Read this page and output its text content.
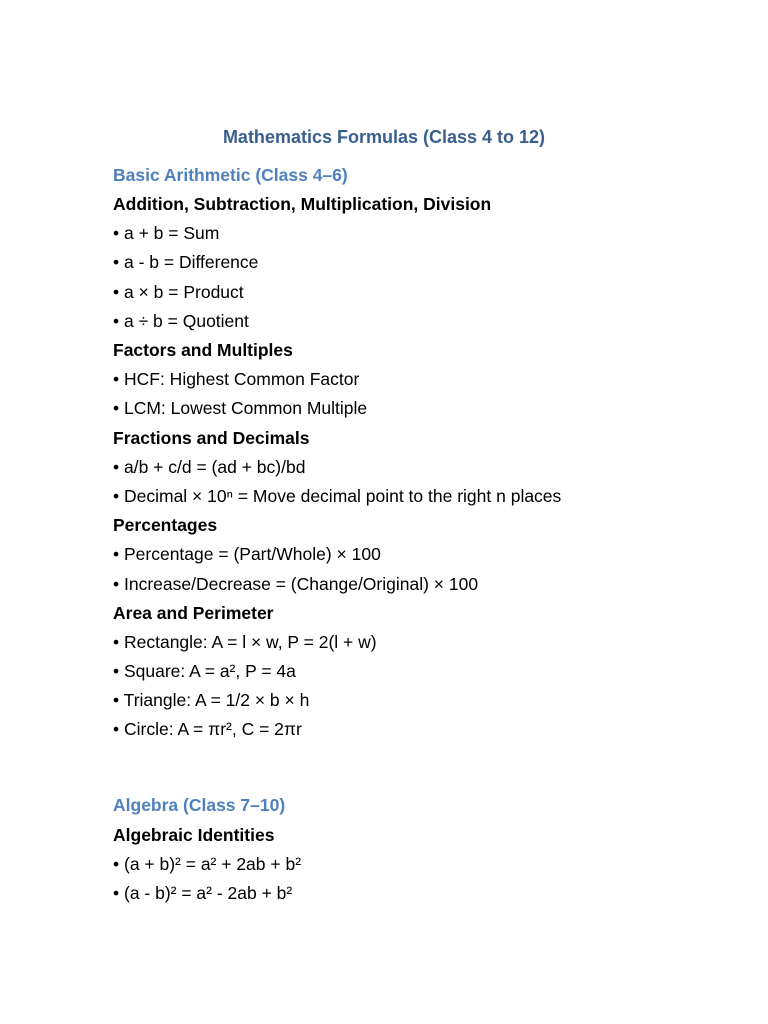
Mathematics Formulas (Class 4 to 12)
Basic Arithmetic (Class 4–6)
Addition, Subtraction, Multiplication, Division
• a + b = Sum
• a - b = Difference
• a × b = Product
• a ÷ b = Quotient
Factors and Multiples
• HCF: Highest Common Factor
• LCM: Lowest Common Multiple
Fractions and Decimals
• a/b + c/d = (ad + bc)/bd
• Decimal × 10ⁿ = Move decimal point to the right n places
Percentages
• Percentage = (Part/Whole) × 100
• Increase/Decrease = (Change/Original) × 100
Area and Perimeter
• Rectangle: A = l × w, P = 2(l + w)
• Square: A = a², P = 4a
• Triangle: A = 1/2 × b × h
• Circle: A = πr², C = 2πr
Algebra (Class 7–10)
Algebraic Identities
• (a + b)² = a² + 2ab + b²
• (a - b)² = a² - 2ab + b²
